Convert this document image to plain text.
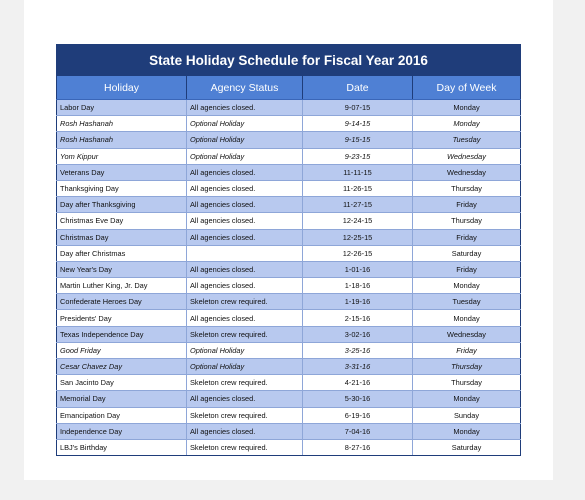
State Holiday Schedule for Fiscal Year 2016			
Holiday	Agency Status	Date	Day of Week
Labor Day	All agencies closed.	9-07-15	Monday
Rosh Hashanah	Optional Holiday	9-14-15	Monday
Rosh Hashanah	Optional Holiday	9-15-15	Tuesday
Yom Kippur	Optional Holiday	9-23-15	Wednesday
Veterans Day	All agencies closed.	11-11-15	Wednesday
Thanksgiving Day	All agencies closed.	11-26-15	Thursday
Day after Thanksgiving	All agencies closed.	11-27-15	Friday
Christmas Eve Day	All agencies closed.	12-24-15	Thursday
Christmas Day	All agencies closed.	12-25-15	Friday
Day after Christmas		12-26-15	Saturday
New Year's Day	All agencies closed.	1-01-16	Friday
Martin Luther King, Jr. Day	All agencies closed.	1-18-16	Monday
Confederate Heroes Day	Skeleton crew required.	1-19-16	Tuesday
Presidents' Day	All agencies closed.	2-15-16	Monday
Texas Independence Day	Skeleton crew required.	3-02-16	Wednesday
Good Friday	Optional Holiday	3-25-16	Friday
Cesar Chavez Day	Optional Holiday	3-31-16	Thursday
San Jacinto Day	Skeleton crew required.	4-21-16	Thursday
Memorial Day	All agencies closed.	5-30-16	Monday
Emancipation Day	Skeleton crew required.	6-19-16	Sunday
Independence Day	All agencies closed.	7-04-16	Monday
LBJ's Birthday	Skeleton crew required.	8-27-16	Saturday
